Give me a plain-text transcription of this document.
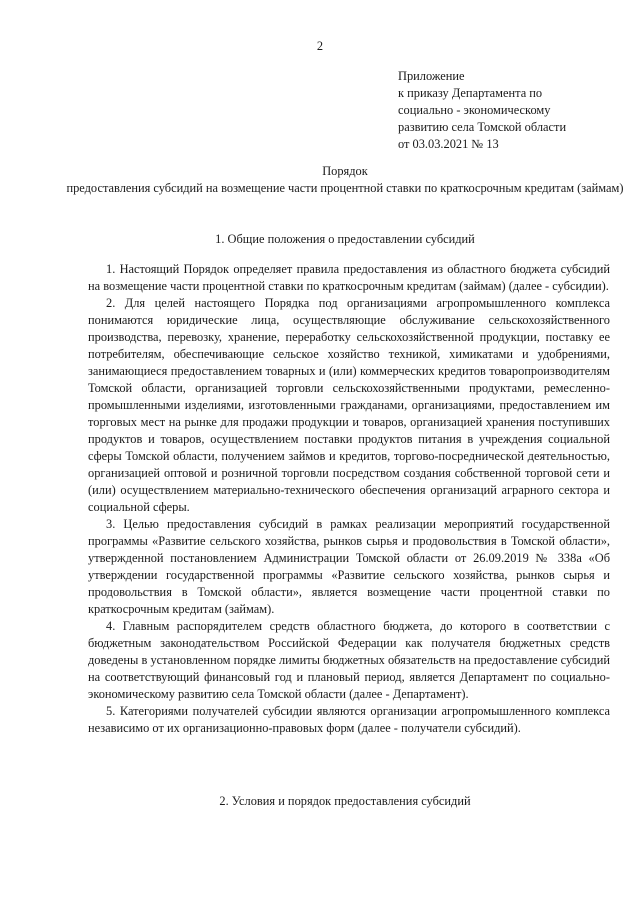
2
Приложение
к приказу Департамента по
социально - экономическому
развитию села Томской области
от 03.03.2021 № 13
Порядок
предоставления субсидий на возмещение части процентной ставки по краткосрочным кредитам (займам)
1. Общие положения о предоставлении субсидий

1. Настоящий Порядок определяет правила предоставления из областного бюджета субсидий на возмещение части процентной ставки по краткосрочным кредитам (займам) (далее - субсидии).

2. Для целей настоящего Порядка под организациями агропромышленного комплекса понимаются юридические лица, осуществляющие обслуживание сельскохозяйственного производства, перевозку, хранение, переработку сельскохозяйственной продукции, поставку ее потребителям, обеспечивающие сельское хозяйство техникой, химикатами и удобрениями, занимающиеся предоставлением товарных и (или) коммерческих кредитов товаропроизводителям Томской области, организацией торговли сельскохозяйственными продуктами, ремесленно-промышленными изделиями, изготовленными гражданами, организациями, предоставлением им торговых мест на рынке для продажи продукции и товаров, организацией хранения поступивших продуктов и товаров, осуществлением поставки продуктов питания в учреждения социальной сферы Томской области, получением займов и кредитов, торгово-посреднической деятельностью, организацией оптовой и розничной торговли посредством создания собственной торговой сети и (или) осуществлением материально-технического обеспечения организаций аграрного сектора и социальной сферы.

3. Целью предоставления субсидий в рамках реализации мероприятий государственной программы «Развитие сельского хозяйства, рынков сырья и продовольствия в Томской области», утвержденной постановлением Администрации Томской области от 26.09.2019 № 338а «Об утверждении государственной программы «Развитие сельского хозяйства, рынков сырья и продовольствия в Томской области», является возмещение части процентной ставки по краткосрочным кредитам (займам).

4. Главным распорядителем средств областного бюджета, до которого в соответствии с бюджетным законодательством Российской Федерации как получателя бюджетных средств доведены в установленном порядке лимиты бюджетных обязательств на предоставление субсидий на соответствующий финансовый год и плановый период, является Департамент по социально-экономическому развитию села Томской области (далее - Департамент).

5. Категориями получателей субсидии являются организации агропромышленного комплекса независимо от их организационно-правовых форм (далее - получатели субсидий).

2. Условия и порядок предоставления субсидий
